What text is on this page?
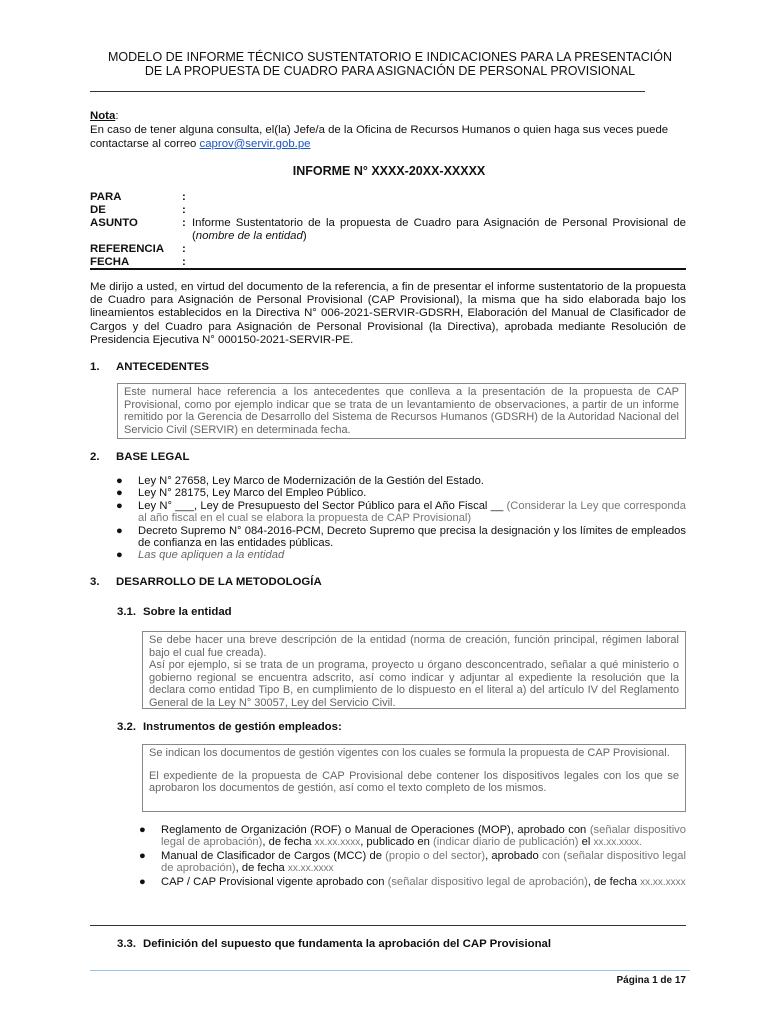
MODELO DE INFORME TÉCNICO SUSTENTATORIO E INDICACIONES PARA LA PRESENTACIÓN
DE LA PROPUESTA DE CUADRO PARA ASIGNACIÓN DE PERSONAL PROVISIONAL
Nota:
En caso de tener alguna consulta, el(la) Jefe/a de la Oficina de Recursos Humanos o quien haga sus veces puede contactarse al correo caprov@servir.gob.pe
INFORME N° XXXX-20XX-XXXXX
PARA	:
DE	:
ASUNTO	: Informe Sustentatorio de la propuesta de Cuadro para Asignación de Personal Provisional de (nombre de la entidad)
REFERENCIA	:
FECHA	:
Me dirijo a usted, en virtud del documento de la referencia, a fin de presentar el informe sustentatorio de la propuesta de Cuadro para Asignación de Personal Provisional (CAP Provisional), la misma que ha sido elaborada bajo los lineamientos establecidos en la Directiva N° 006-2021-SERVIR-GDSRH, Elaboración del Manual de Clasificador de Cargos y del Cuadro para Asignación de Personal Provisional (la Directiva), aprobada mediante Resolución de Presidencia Ejecutiva N° 000150-2021-SERVIR-PE.
1. ANTECEDENTES
Este numeral hace referencia a los antecedentes que conlleva a la presentación de la propuesta de CAP Provisional, como por ejemplo indicar que se trata de un levantamiento de observaciones, a partir de un informe remitido por la Gerencia de Desarrollo del Sistema de Recursos Humanos (GDSRH) de la Autoridad Nacional del Servicio Civil (SERVIR) en determinada fecha.
2. BASE LEGAL
● Ley N° 27658, Ley Marco de Modernización de la Gestión del Estado.
● Ley N° 28175, Ley Marco del Empleo Público.
● Ley N° ___, Ley de Presupuesto del Sector Público para el Año Fiscal __ (Considerar la Ley que corresponda al año fiscal en el cual se elabora la propuesta de CAP Provisional)
● Decreto Supremo N° 084-2016-PCM, Decreto Supremo que precisa la designación y los límites de empleados de confianza en las entidades públicas.
● Las que apliquen a la entidad
3. DESARROLLO DE LA METODOLOGÍA
3.1. Sobre la entidad
Se debe hacer una breve descripción de la entidad (norma de creación, función principal, régimen laboral bajo el cual fue creada).
Así por ejemplo, si se trata de un programa, proyecto u órgano desconcentrado, señalar a qué ministerio o gobierno regional se encuentra adscrito, así como indicar y adjuntar al expediente la resolución que la declara como entidad Tipo B, en cumplimiento de lo dispuesto en el literal a) del artículo IV del Reglamento General de la Ley N° 30057, Ley del Servicio Civil.
3.2. Instrumentos de gestión empleados:
Se indican los documentos de gestión vigentes con los cuales se formula la propuesta de CAP Provisional.
El expediente de la propuesta de CAP Provisional debe contener los dispositivos legales con los que se aprobaron los documentos de gestión, así como el texto completo de los mismos.
● Reglamento de Organización (ROF) o Manual de Operaciones (MOP), aprobado con (señalar dispositivo legal de aprobación), de fecha xx.xx.xxxx, publicado en (indicar diario de publicación) el xx.xx.xxxx.
● Manual de Clasificador de Cargos (MCC) de (propio o del sector), aprobado con (señalar dispositivo legal de aprobación), de fecha xx.xx.xxxx
● CAP / CAP Provisional vigente aprobado con (señalar dispositivo legal de aprobación), de fecha xx.xx.xxxx
3.3. Definición del supuesto que fundamenta la aprobación del CAP Provisional
Página 1 de 17
